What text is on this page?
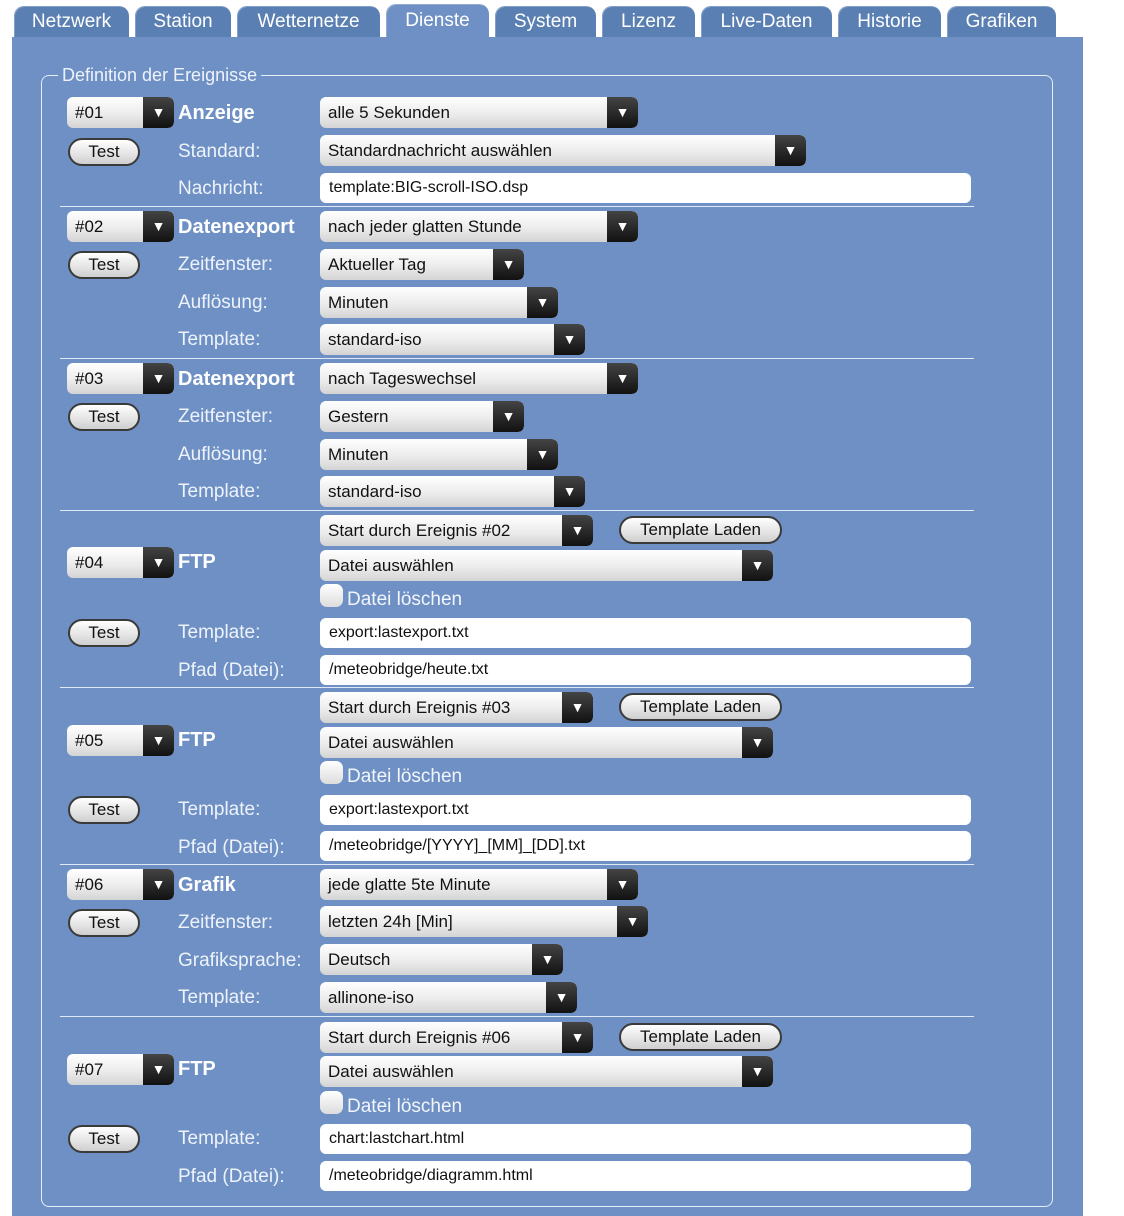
Netzwerk	Station	Wetternetze	Dienste	System	Lizenz	Live-Daten	Historie	Grafiken
Definition der Ereignisse
#01	▼ Anzeige	alle 5 Sekunden	▼
Test	Standard:	Standardnachricht auswählen	▼
Nachricht:	template:BIG-scroll-ISO.dsp
#02	▼ Datenexport	nach jeder glatten Stunde	▼
Test	Zeitfenster:	Aktueller Tag	▼
Auflösung:	Minuten	▼
Template:	standard-iso	▼
#03	▼ Datenexport	nach Tageswechsel	▼
Test	Zeitfenster:	Gestern	▼
Auflösung:	Minuten	▼
Template:	standard-iso	▼
Start durch Ereignis #02	▼	Template Laden
#04	▼ FTP	Datei auswählen	▼
Datei löschen
Test	Template:	export:lastexport.txt
Pfad (Datei):	/meteobridge/heute.txt
Start durch Ereignis #03	▼	Template Laden
#05	▼ FTP	Datei auswählen	▼
Datei löschen
Test	Template:	export:lastexport.txt
Pfad (Datei):	/meteobridge/[YYYY]_[MM]_[DD].txt
#06	▼ Grafik	jede glatte 5te Minute	▼
Test	Zeitfenster:	letzten 24h [Min]	▼
Grafiksprache:	Deutsch	▼
Template:	allinone-iso	▼
Start durch Ereignis #06	▼	Template Laden
#07	▼ FTP	Datei auswählen	▼
Datei löschen
Test	Template:	chart:lastchart.html
Pfad (Datei):	/meteobridge/diagramm.html
